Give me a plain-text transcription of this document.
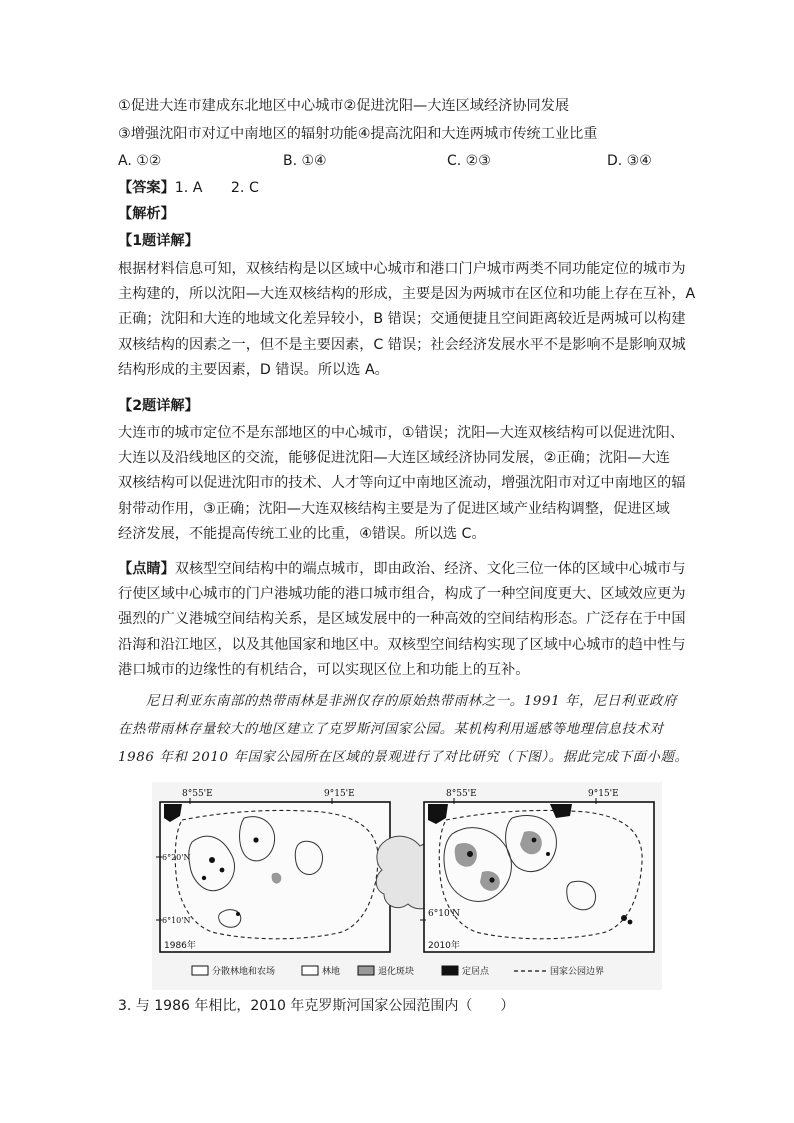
①促进大连市建成东北地区中心城市②促进沈阳—大连区域经济协同发展
③增强沈阳市对辽中南地区的辐射功能④提高沈阳和大连两城市传统工业比重
A. ①②	B. ①④	C. ②③	D. ③④
【答案】1. A　　2. C
【解析】
【1题详解】
根据材料信息可知，双核结构是以区域中心城市和港口门户城市两类不同功能定位的城市为
主构建的，所以沈阳—大连双核结构的形成，主要是因为两城市在区位和功能上存在互补，A
正确；沈阳和大连的地域文化差异较小，B 错误；交通便捷且空间距离较近是两城可以构建
双核结构的因素之一，但不是主要因素，C 错误；社会经济发展水平不是影响不是影响双城
结构形成的主要因素，D 错误。所以选 A。
【2题详解】
大连市的城市定位不是东部地区的中心城市，①错误；沈阳—大连双核结构可以促进沈阳、
大连以及沿线地区的交流，能够促进沈阳—大连区域经济协同发展，②正确；沈阳—大连
双核结构可以促进沈阳市的技术、人才等向辽中南地区流动，增强沈阳市对辽中南地区的辐
射带动作用，③正确；沈阳—大连双核结构主要是为了促进区域产业结构调整，促进区域
经济发展，不能提高传统工业的比重，④错误。所以选 C。
【点睛】双核型空间结构中的端点城市，即由政治、经济、文化三位一体的区域中心城市与
行使区域中心城市的门户港城功能的港口城市组合，构成了一种空间度更大、区域效应更为
强烈的广义港城空间结构关系，是区域发展中的一种高效的空间结构形态。广泛存在于中国
沿海和沿江地区，以及其他国家和地区中。双核型空间结构实现了区域中心城市的趋中性与
港口城市的边缘性的有机结合，可以实现区位上和功能上的互补。
尼日利亚东南部的热带雨林是非洲仅存的原始热带雨林之一。1991 年，尼日利亚政府
在热带雨林存量较大的地区建立了克罗斯河国家公园。某机构利用遥感等地理信息技术对
1986 年和 2010 年国家公园所在区域的景观进行了对比研究（下图）。据此完成下面小题。
8°55'E	9°15'E
6°20'N
6°10'N
1986年
8°55'E	9°15'E
6°10'N
2010年
分散林地和农场	林地	退化斑块	定居点	国家公园边界
3. 与 1986 年相比，2010 年克罗斯河国家公园范围内（　　）
